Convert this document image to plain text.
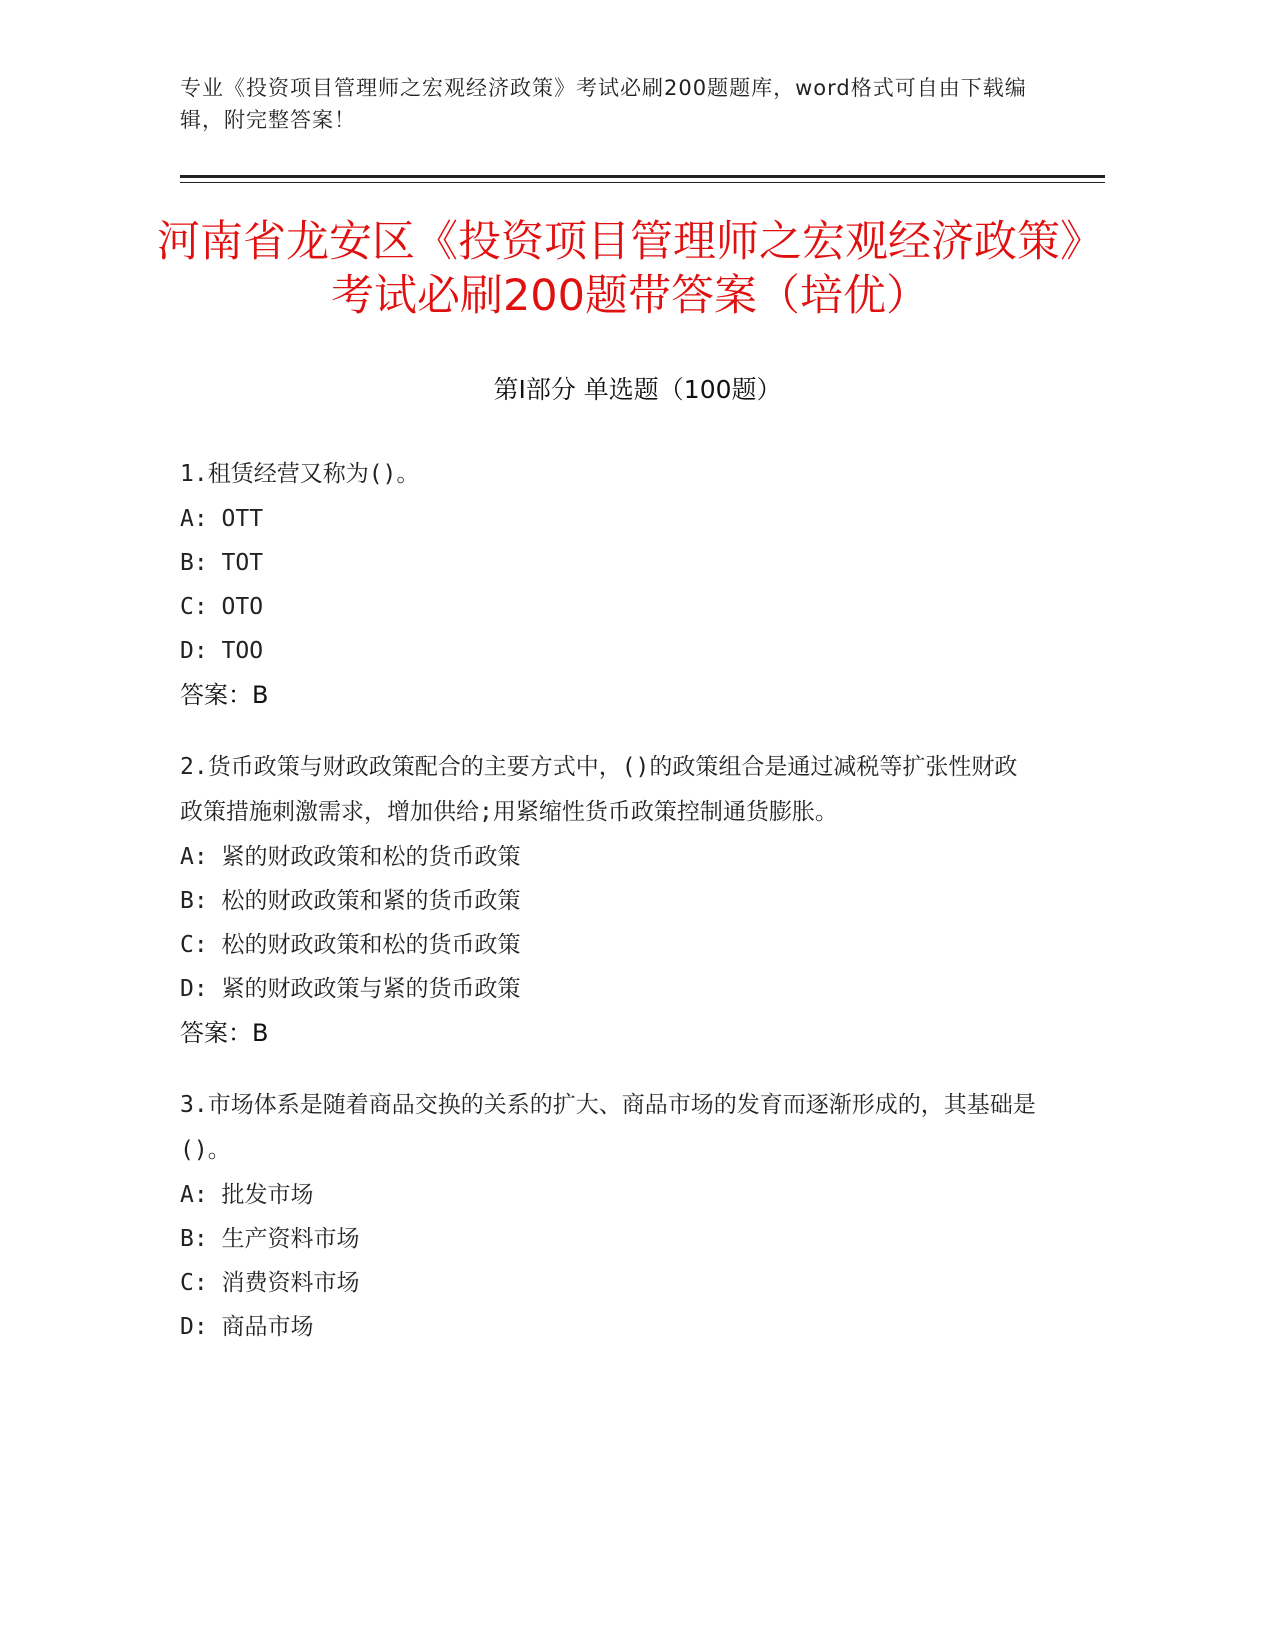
专业《投资项目管理师之宏观经济政策》考试必刷200题题库，word格式可自由下载编辑，附完整答案！
河南省龙安区《投资项目管理师之宏观经济政策》考试必刷200题带答案（培优）
第I部分 单选题（100题）

1.租赁经营又称为()。

A: OTT

B: TOT

C: OTO

D: TOO

答案：B

2.货币政策与财政政策配合的主要方式中，()的政策组合是通过减税等扩张性财政政策措施刺激需求，增加供给;用紧缩性货币政策控制通货膨胀。

A: 紧的财政政策和松的货币政策

B: 松的财政政策和紧的货币政策

C: 松的财政政策和松的货币政策

D: 紧的财政政策与紧的货币政策

答案：B

3.市场体系是随着商品交换的关系的扩大、商品市场的发育而逐渐形成的，其基础是()。

A: 批发市场

B: 生产资料市场

C: 消费资料市场

D: 商品市场
